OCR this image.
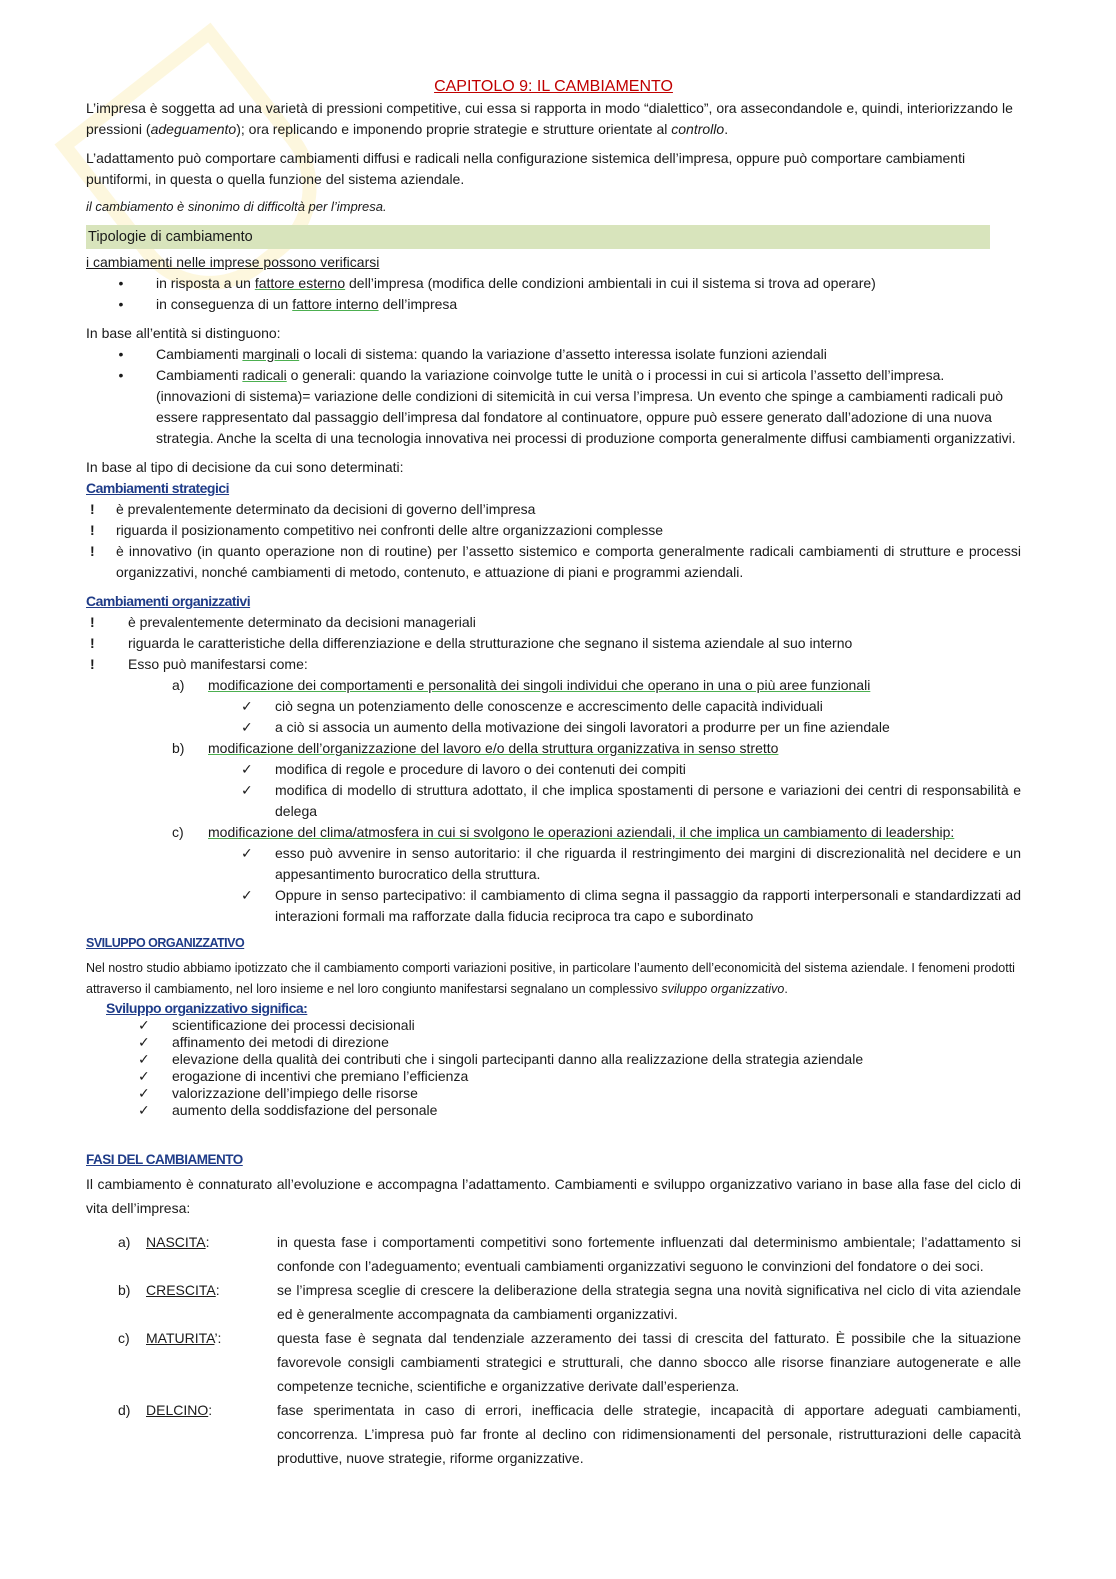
CAPITOLO 9: IL CAMBIAMENTO

L’impresa è soggetta ad una varietà di pressioni competitive, cui essa si rapporta in modo “dialettico”, ora assecondandole e, quindi, interiorizzando le pressioni (adeguamento); ora replicando e imponendo proprie strategie e strutture orientate al controllo.

L’adattamento può comportare cambiamenti diffusi e radicali nella configurazione sistemica dell’impresa, oppure può comportare cambiamenti puntiformi, in questa o quella funzione del sistema aziendale.

il cambiamento è sinonimo di difficoltà per l’impresa.

Tipologie di cambiamento

i cambiamenti nelle imprese possono verificarsi

•	in risposta a un fattore esterno dell’impresa (modifica delle condizioni ambientali in cui il sistema si trova ad operare)
•	in conseguenza di un fattore interno dell’impresa

In base all’entità si distinguono:

•	Cambiamenti marginali o locali di sistema: quando la variazione d’assetto interessa isolate funzioni aziendali
•	Cambiamenti radicali o generali: quando la variazione coinvolge tutte le unità o i processi in cui si articola l’assetto dell’impresa. (innovazioni di sistema)= variazione delle condizioni di sitemicità in cui versa l’impresa. Un evento che spinge a cambiamenti radicali può essere rappresentato dal passaggio dell’impresa dal fondatore al continuatore, oppure può essere generato dall’adozione di una nuova strategia. Anche la scelta di una tecnologia innovativa nei processi di produzione comporta generalmente diffusi cambiamenti organizzativi.

In base al tipo di decisione da cui sono determinati:

Cambiamenti strategici
!	è prevalentemente determinato da decisioni di governo dell’impresa
!	riguarda il posizionamento competitivo nei confronti delle altre organizzazioni complesse
!	è innovativo (in quanto operazione non di routine) per l’assetto sistemico e comporta generalmente radicali cambiamenti di strutture e processi organizzativi, nonché cambiamenti di metodo, contenuto, e attuazione di piani e programmi aziendali.
Cambiamenti organizzativi
!	è prevalentemente determinato da decisioni manageriali
!	riguarda le caratteristiche della differenziazione e della strutturazione che segnano il sistema aziendale al suo interno
!	Esso può manifestarsi come:
a)	modificazione dei comportamenti e personalità dei singoli individui che operano in una o più aree funzionali
✓	ciò segna un potenziamento delle conoscenze e accrescimento delle capacità individuali
✓	a ciò si associa un aumento della motivazione dei singoli lavoratori a produrre per un fine aziendale
b)	modificazione dell’organizzazione del lavoro e/o della struttura organizzativa in senso stretto
✓	modifica di regole e procedure di lavoro o dei contenuti dei compiti
✓	modifica di modello di struttura adottato, il che implica spostamenti di persone e variazioni dei centri di responsabilità e delega
c)	modificazione del clima/atmosfera in cui si svolgono le operazioni aziendali, il che implica un cambiamento di leadership:
✓	esso può avvenire in senso autoritario: il che riguarda il restringimento dei margini di discrezionalità nel decidere e un appesantimento burocratico della struttura.
✓	Oppure in senso partecipativo: il cambiamento di clima segna il passaggio da rapporti interpersonali e standardizzati ad interazioni formali ma rafforzate dalla fiducia reciproca tra capo e subordinato
SVILUPPO ORGANIZZATIVO

Nel nostro studio abbiamo ipotizzato che il cambiamento comporti variazioni positive, in particolare l’aumento dell’economicità del sistema aziendale. I fenomeni prodotti attraverso il cambiamento, nel loro insieme e nel loro congiunto manifestarsi segnalano un complessivo sviluppo organizzativo.

Sviluppo organizzativo significa:
✓	scientificazione dei processi decisionali
✓	affinamento dei metodi di direzione
✓	elevazione della qualità dei contributi che i singoli partecipanti danno alla realizzazione della strategia aziendale
✓	erogazione di incentivi che premiano l’efficienza
✓	valorizzazione dell’impiego delle risorse
✓	aumento della soddisfazione del personale
FASI DEL CAMBIAMENTO

Il cambiamento è connaturato all’evoluzione e accompagna l’adattamento. Cambiamenti e sviluppo organizzativo variano in base alla fase del ciclo di vita dell’impresa:

a)	NASCITA:	in questa fase i comportamenti competitivi sono fortemente influenzati dal determinismo ambientale; l’adattamento si confonde con l’adeguamento; eventuali cambiamenti organizzativi seguono le convinzioni del fondatore o dei soci.
b)	CRESCITA:	se l’impresa sceglie di crescere la deliberazione della strategia segna una novità significativa nel ciclo di vita aziendale ed è generalmente accompagnata da cambiamenti organizzativi.
c)	MATURITA’:	questa fase è segnata dal tendenziale azzeramento dei tassi di crescita del fatturato. È possibile che la situazione favorevole consigli cambiamenti strategici e strutturali, che danno sbocco alle risorse finanziare autogenerate e alle competenze tecniche, scientifiche e organizzative derivate dall’esperienza.
d)	DELCINO:	fase sperimentata in caso di errori, inefficacia delle strategie, incapacità di apportare adeguati cambiamenti, concorrenza. L’impresa può far fronte al declino con ridimensionamenti del personale, ristrutturazioni delle capacità produttive, nuove strategie, riforme organizzative.
